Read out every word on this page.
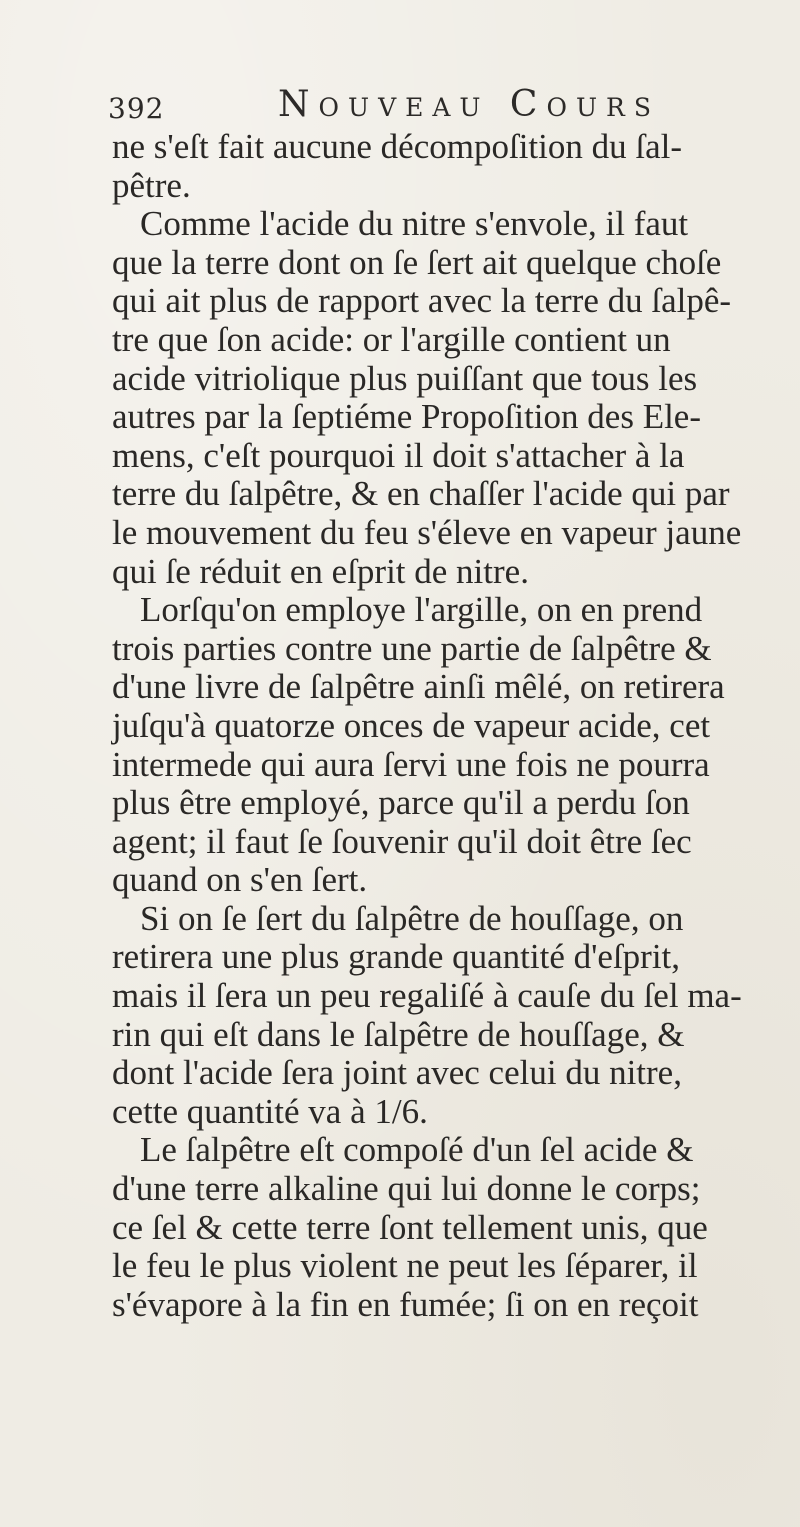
392	Nouveau Cours
ne s'eſt fait aucune décompoſition du ſal-
pêtre.
Comme l'acide du nitre s'envole, il faut
que la terre dont on ſe ſert ait quelque choſe
qui ait plus de rapport avec la terre du ſalpê-
tre que ſon acide: or l'argille contient un
acide vitriolique plus puiſſant que tous les
autres par la ſeptiéme Propoſition des Ele-
mens, c'eſt pourquoi il doit s'attacher à la
terre du ſalpêtre, & en chaſſer l'acide qui par
le mouvement du feu s'éleve en vapeur jaune
qui ſe réduit en eſprit de nitre.
Lorſqu'on employe l'argille, on en prend
trois parties contre une partie de ſalpêtre &
d'une livre de ſalpêtre ainſi mêlé, on retirera
juſqu'à quatorze onces de vapeur acide, cet
intermede qui aura ſervi une fois ne pourra
plus être employé, parce qu'il a perdu ſon
agent; il faut ſe ſouvenir qu'il doit être ſec
quand on s'en ſert.
Si on ſe ſert du ſalpêtre de houſſage, on
retirera une plus grande quantité d'eſprit,
mais il ſera un peu regaliſé à cauſe du ſel ma-
rin qui eſt dans le ſalpêtre de houſſage, &
dont l'acide ſera joint avec celui du nitre,
cette quantité va à 1/6.
Le ſalpêtre eſt compoſé d'un ſel acide &
d'une terre alkaline qui lui donne le corps;
ce ſel & cette terre ſont tellement unis, que
le feu le plus violent ne peut les ſéparer, il
s'évapore à la fin en fumée; ſi on en reçoit
